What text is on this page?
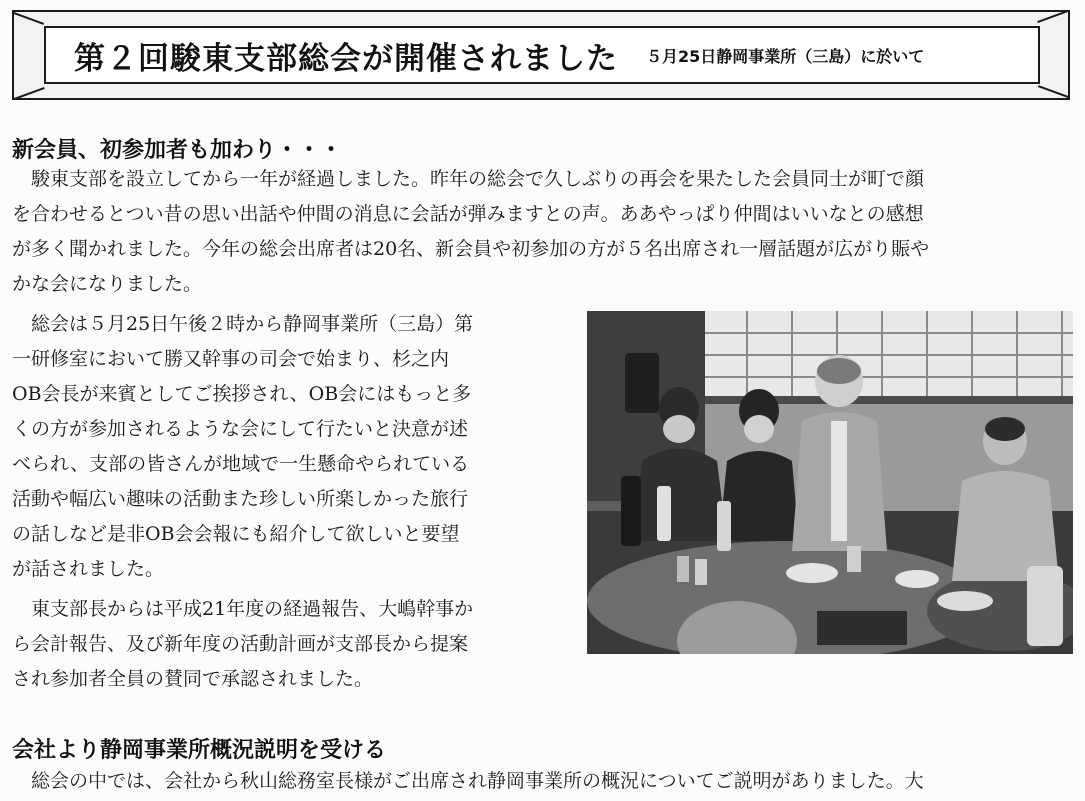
第２回駿東支部総会が開催されました ５月25日静岡事業所（三島）に於いて
新会員、初参加者も加わり・・・
　駿東支部を設立してから一年が経過しました。昨年の総会で久しぶりの再会を果たした会員同士が町で顔
を合わせるとつい昔の思い出話や仲間の消息に会話が弾みますとの声。ああやっぱり仲間はいいなとの感想
が多く聞かれました。今年の総会出席者は20名、新会員や初参加の方が５名出席され一層話題が広がり賑や
かな会になりました。
　総会は５月25日午後２時から静岡事業所（三島）第
一研修室において勝又幹事の司会で始まり、杉之内
OB会長が来賓としてご挨拶され、OB会にはもっと多
くの方が参加されるような会にして行たいと決意が述
べられ、支部の皆さんが地域で一生懸命やられている
活動や幅広い趣味の活動また珍しい所楽しかった旅行
の話しなど是非OB会会報にも紹介して欲しいと要望
が話されました。
　東支部長からは平成21年度の経過報告、大嶋幹事か
ら会計報告、及び新年度の活動計画が支部長から提案
され参加者全員の賛同で承認されました。
会社より静岡事業所概況説明を受ける
　総会の中では、会社から秋山総務室長様がご出席され静岡事業所の概況についてご説明がありました。大
